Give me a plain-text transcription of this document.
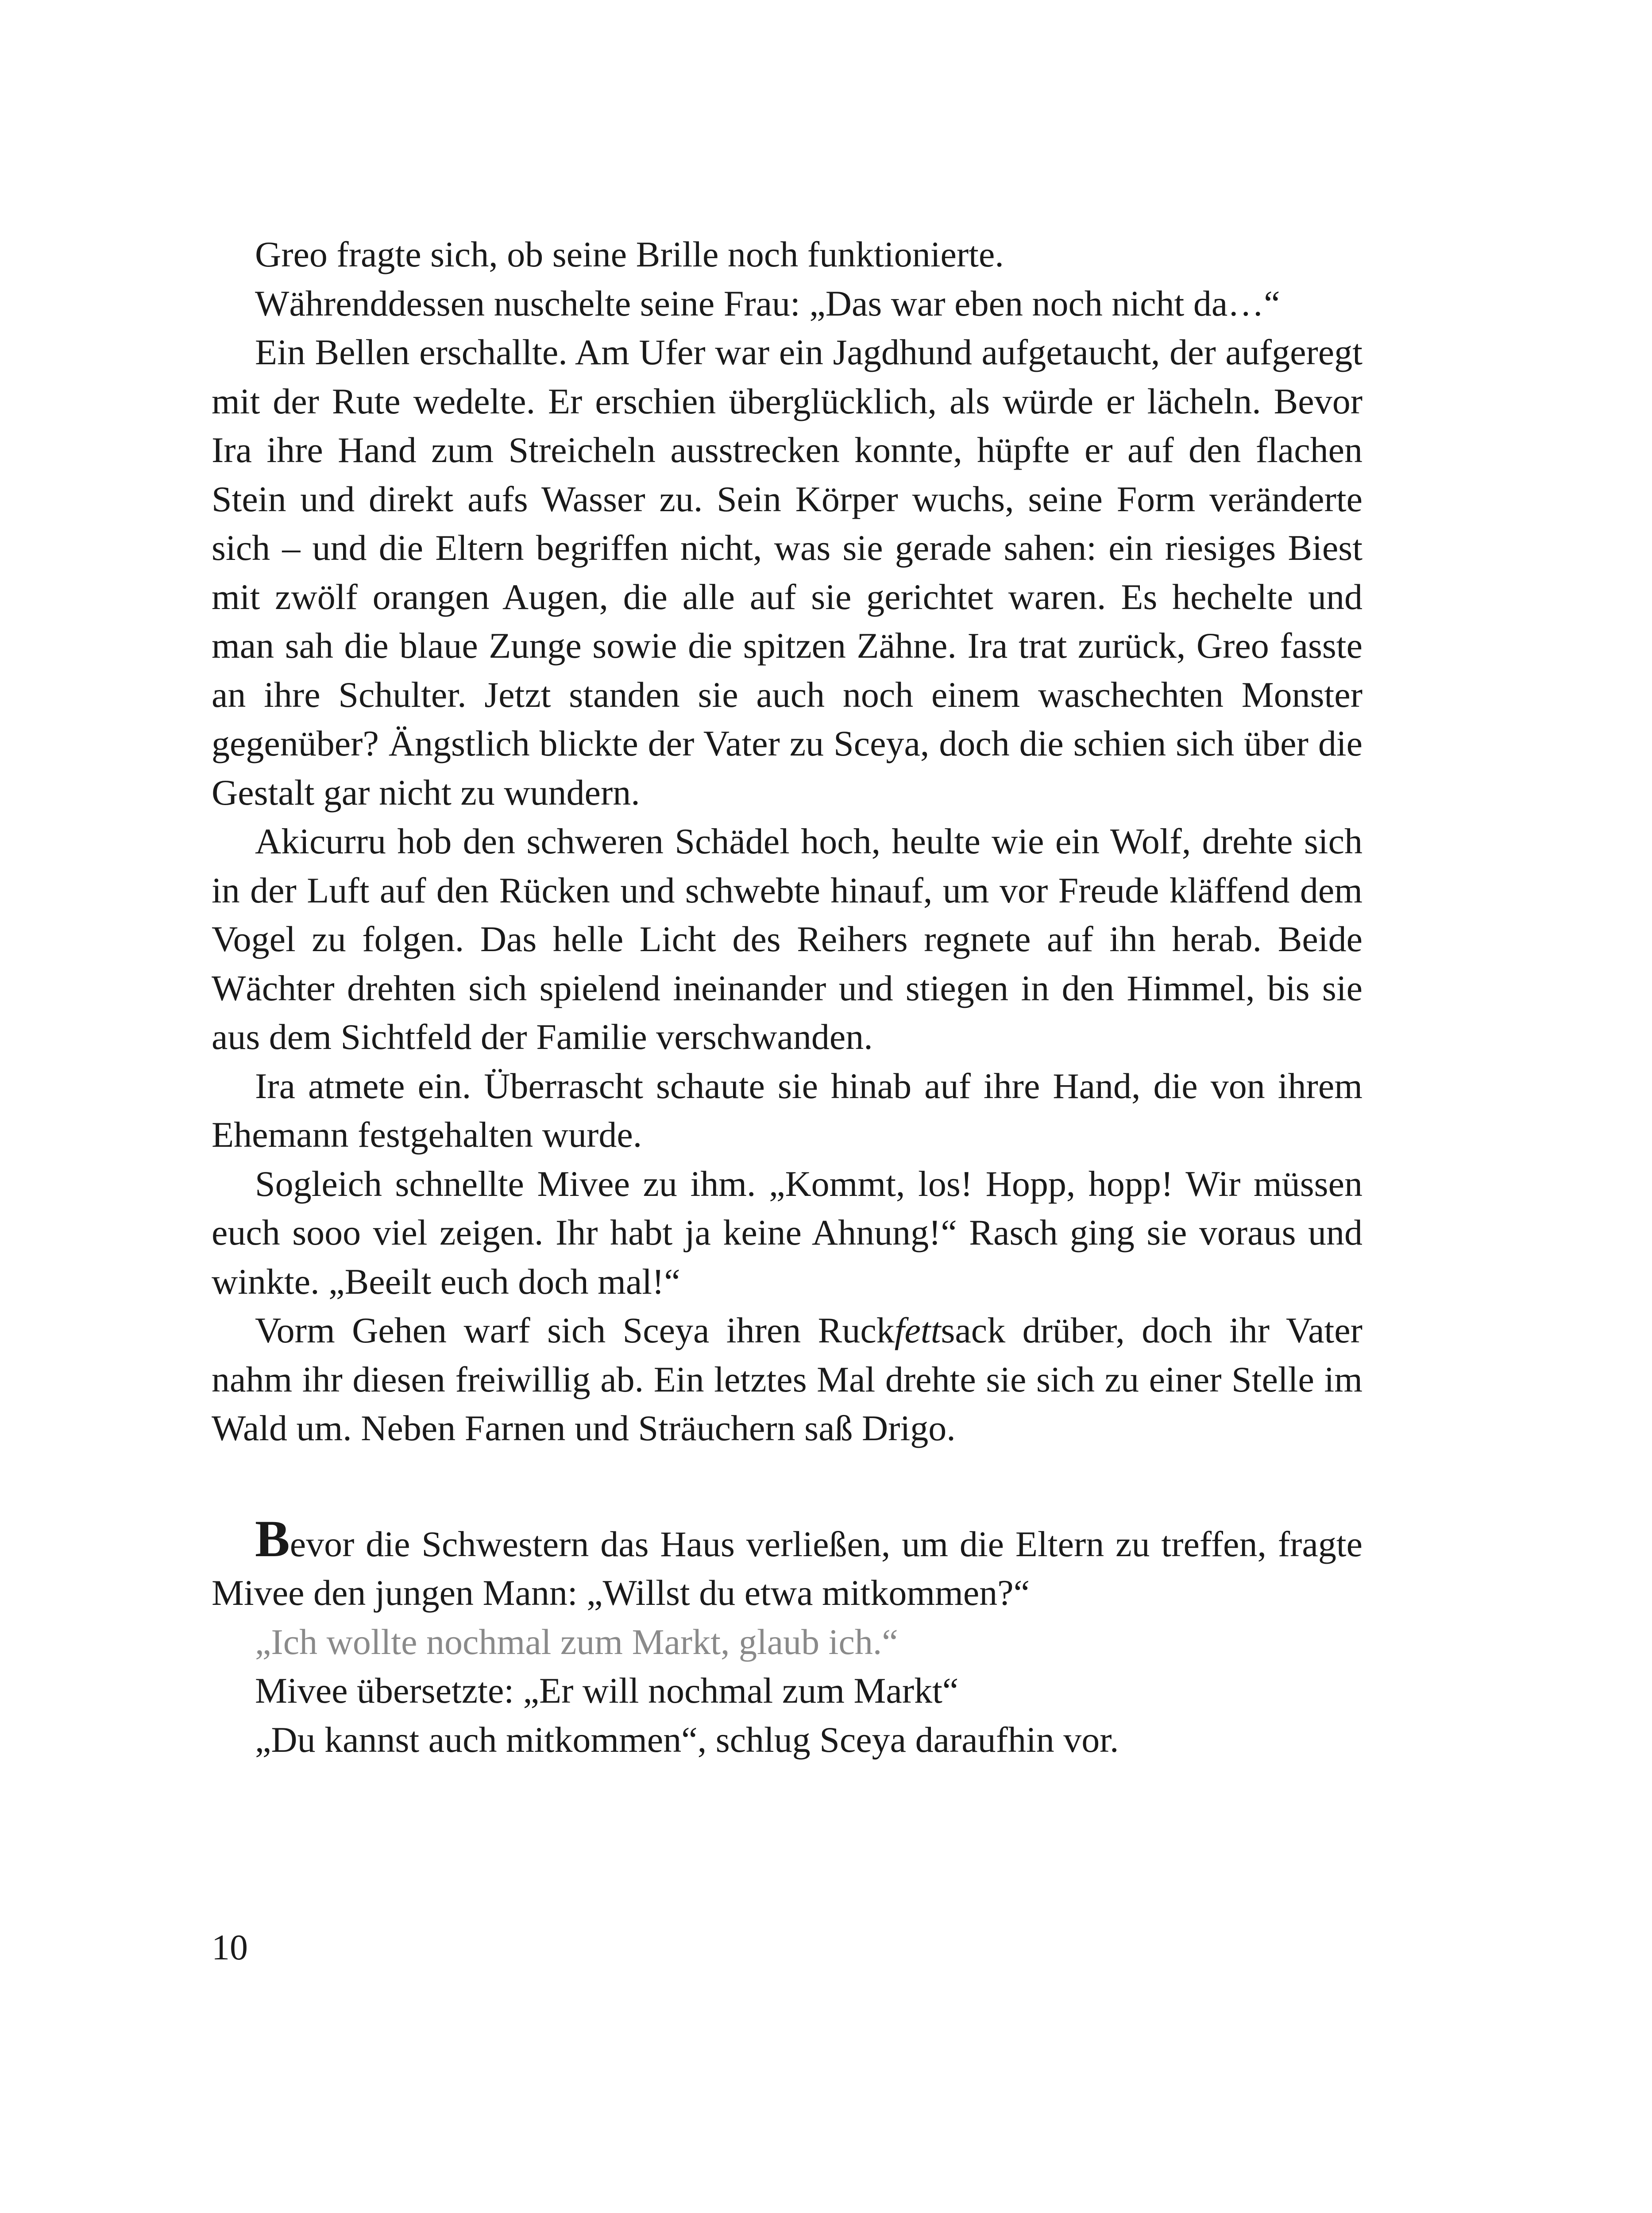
Greo fragte sich, ob seine Brille noch funktionierte.

Währenddessen nuschelte seine Frau: „Das war eben noch nicht da…“

Ein Bellen erschallte. Am Ufer war ein Jagdhund aufgetaucht, der aufgeregt mit der Rute wedelte. Er erschien überglücklich, als würde er lächeln. Bevor Ira ihre Hand zum Streicheln ausstrecken konnte, hüpfte er auf den flachen Stein und direkt aufs Wasser zu. Sein Körper wuchs, seine Form veränderte sich – und die Eltern begriffen nicht, was sie gerade sahen: ein riesiges Biest mit zwölf orangen Augen, die alle auf sie gerichtet waren. Es hechelte und man sah die blaue Zunge sowie die spitzen Zähne. Ira trat zurück, Greo fasste an ihre Schulter. Jetzt standen sie auch noch einem waschechten Monster gegenüber? Ängstlich blickte der Vater zu Sceya, doch die schien sich über die Gestalt gar nicht zu wundern.

Akicurru hob den schweren Schädel hoch, heulte wie ein Wolf, drehte sich in der Luft auf den Rücken und schwebte hinauf, um vor Freude kläffend dem Vogel zu folgen. Das helle Licht des Reihers regnete auf ihn herab. Beide Wächter drehten sich spielend ineinander und stiegen in den Himmel, bis sie aus dem Sichtfeld der Familie verschwanden.

Ira atmete ein. Überrascht schaute sie hinab auf ihre Hand, die von ihrem Ehemann festgehalten wurde.

Sogleich schnellte Mivee zu ihm. „Kommt, los! Hopp, hopp! Wir müssen euch sooo viel zeigen. Ihr habt ja keine Ahnung!“ Rasch ging sie voraus und winkte. „Beeilt euch doch mal!“

Vorm Gehen warf sich Sceya ihren Ruckfettsack drüber, doch ihr Vater nahm ihr diesen freiwillig ab. Ein letztes Mal drehte sie sich zu einer Stelle im Wald um. Neben Farnen und Sträuchern saß Drigo.

Bevor die Schwestern das Haus verließen, um die Eltern zu treffen, fragte Mivee den jungen Mann: „Willst du etwa mitkommen?“

„Ich wollte nochmal zum Markt, glaub ich.“

Mivee übersetzte: „Er will nochmal zum Markt“

„Du kannst auch mitkommen“, schlug Sceya daraufhin vor.

10
